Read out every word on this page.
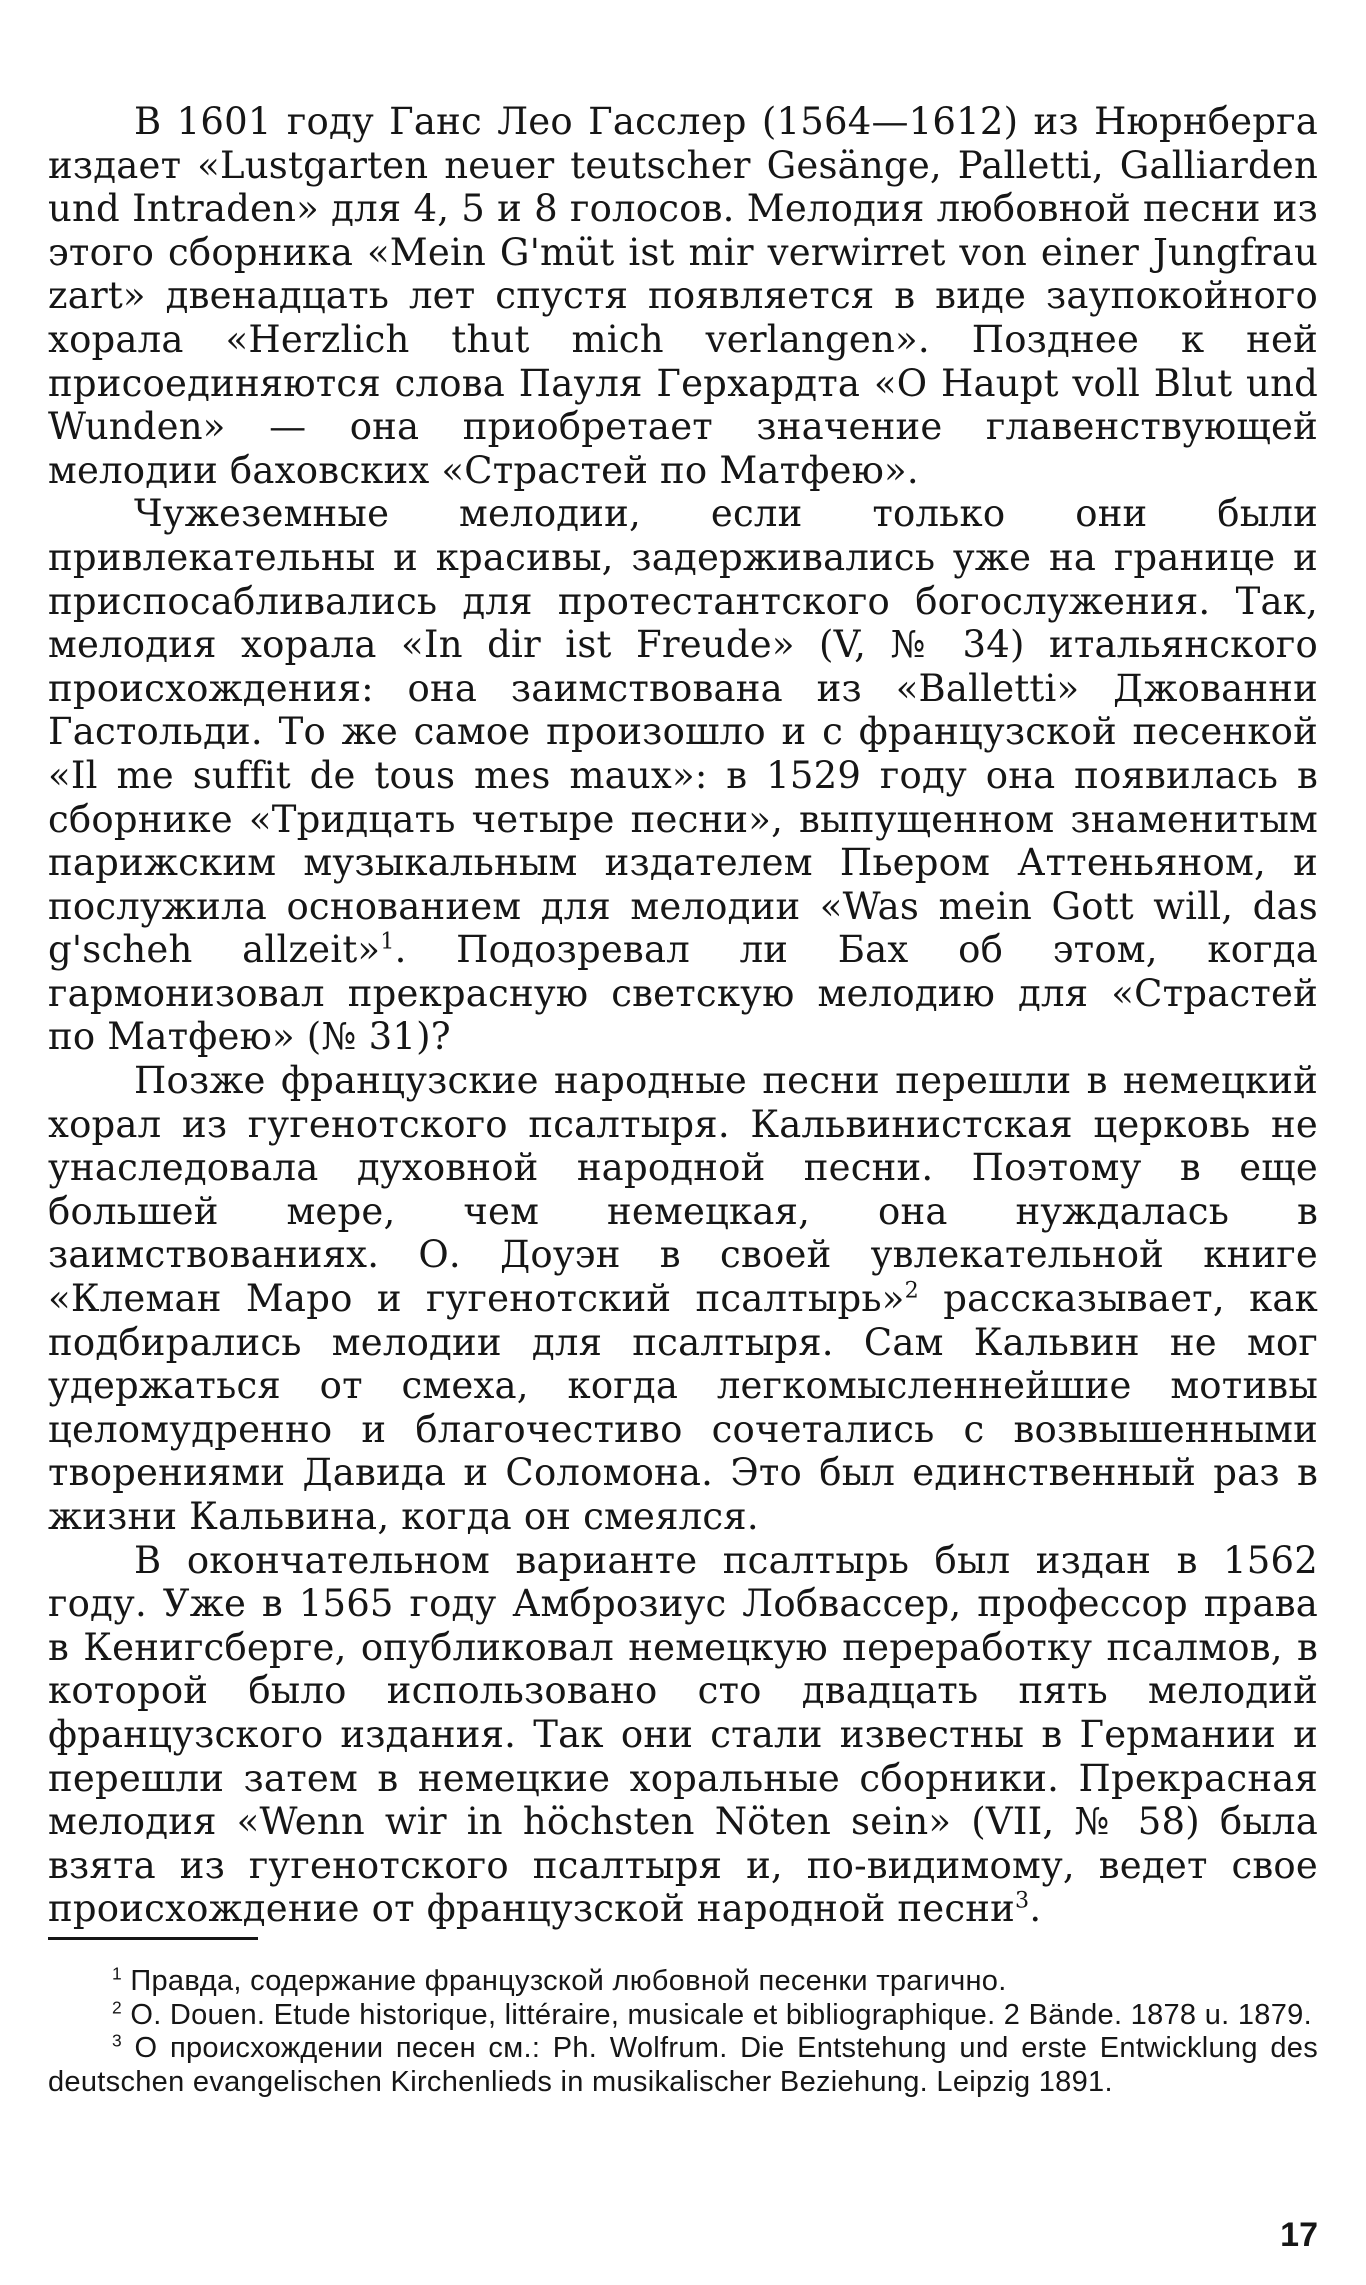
В 1601 году Ганс Лео Гасслер (1564—1612) из Нюрнберга издает «Lustgarten neuer teutscher Gesänge, Palletti, Galliarden und Intraden» для 4, 5 и 8 голосов. Мелодия любовной песни из этого сборника «Mein G'müt ist mir verwirret von einer Jungfrau zart» двенадцать лет спустя появляется в виде заупокойного хорала «Herzlich thut mich verlangen». Позднее к ней присоединяются слова Пауля Герхардта «O Haupt voll Blut und Wunden» — она приобретает значение главенствующей мелодии баховских «Страстей по Матфею».

Чужеземные мелодии, если только они были привлекательны и красивы, задерживались уже на границе и приспосабливались для протестантского богослужения. Так, мелодия хорала «In dir ist Freude» (V, № 34) итальянского происхождения: она заимствована из «Balletti» Джованни Гастольди. То же самое произошло и с французской песенкой «Il me suffit de tous mes maux»: в 1529 году она появилась в сборнике «Тридцать четыре песни», выпущенном знаменитым парижским музыкальным издателем Пьером Аттеньяном, и послужила основанием для мелодии «Was mein Gott will, das g'scheh allzeit»$^1$. Подозревал ли Бах об этом, когда гармонизовал прекрасную светскую мелодию для «Страстей по Матфею» (№ 31)?

Позже французские народные песни перешли в немецкий хорал из гугенотского псалтыря. Кальвинистская церковь не унаследовала духовной народной песни. Поэтому в еще большей мере, чем немецкая, она нуждалась в заимствованиях. О. Доуэн в своей увлекательной книге «Клеман Маро и гугенотский псалтырь»$^2$ рассказывает, как подбирались мелодии для псалтыря. Сам Кальвин не мог удержаться от смеха, когда легкомысленнейшие мотивы целомудренно и благочестиво сочетались с возвышенными творениями Давида и Соломона. Это был единственный раз в жизни Кальвина, когда он смеялся.

В окончательном варианте псалтырь был издан в 1562 году. Уже в 1565 году Амброзиус Лобвассер, профессор права в Кенигсберге, опубликовал немецкую переработку псалмов, в которой было использовано сто двадцать пять мелодий французского издания. Так они стали известны в Германии и перешли затем в немецкие хоральные сборники. Прекрасная мелодия «Wenn wir in höchsten Nöten sein» (VII, № 58) была взята из гугенотского псалтыря и, по-видимому, ведет свое происхождение от французской народной песни$^3$.

$^1$ Правда, содержание французской любовной песенки трагично.

$^2$ O. Douen. Etude historique, littéraire, musicale et bibliographique. 2 Bände. 1878 u. 1879.

$^3$ О происхождении песен см.: Ph. Wolfrum. Die Entstehung und erste Entwicklung des deutschen evangelischen Kirchenlieds in musikalischer Beziehung. Leipzig 1891.

17
